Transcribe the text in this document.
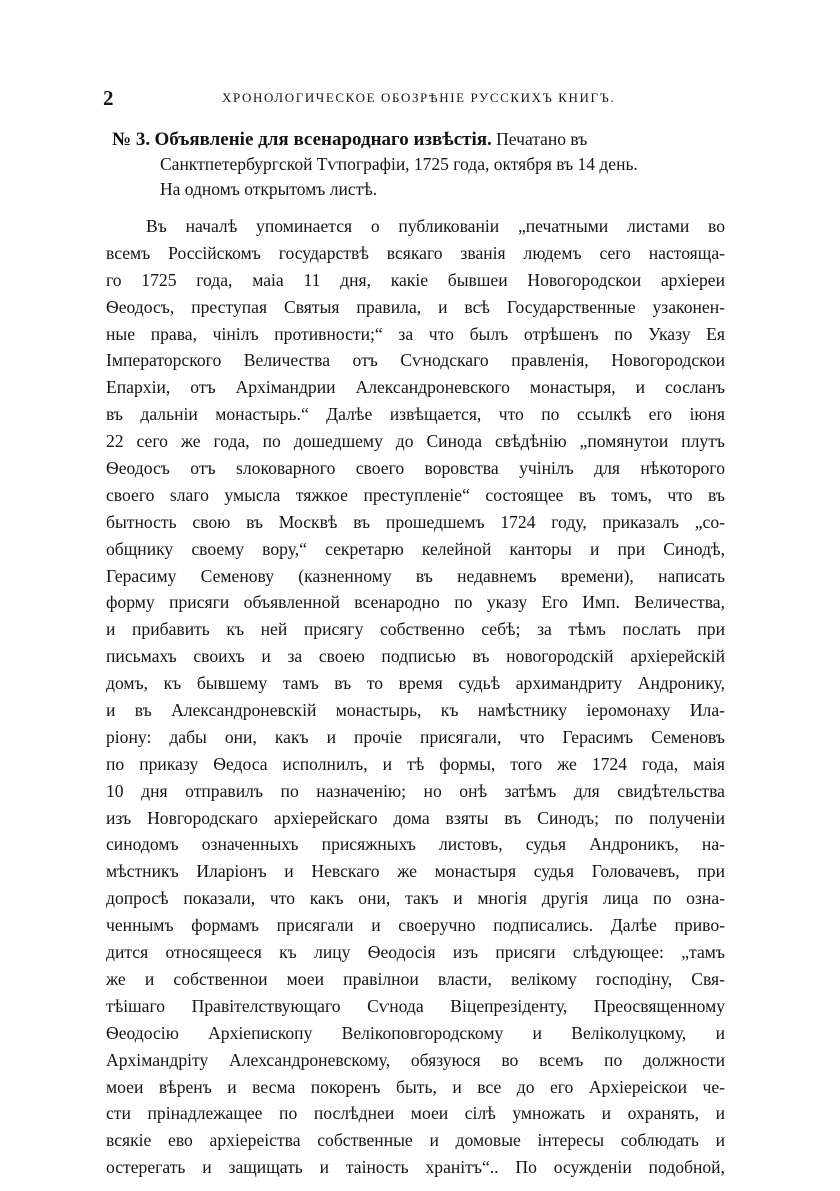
2	ХРОНОЛОГИЧЕСКОЕ ОБОЗРѢНІЕ РУССКИХЪ КНИГЪ.
№ 3. Объявленіе для всенароднаго извѣстія. Печатано въ
Санктпетербургской Тѵпографіи, 1725 года, октября въ 14 день.
На одномъ открытомъ листѣ.
Въ началѣ упоминается о публикованіи „печатными листами во
всемъ Россійскомъ государствѣ всякаго званія людемъ сего настояща-
го 1725 года, маiа 11 дня, какіе бывшеи Новогородскои архіереи
Ѳеодосъ, преступая Святыя правила, и всѣ Государственные узаконен-
ные права, чінілъ противности;“ за что былъ отрѣшенъ по Указу Ея
Імператорского Величества отъ Сѵнодскаго правленія, Новогородскои
Епархіи, отъ Архімандрии Александроневского монастыря, и сосланъ
въ дальнiи монастырь.“ Далѣе извѣщается, что по ссылкѣ его іюня
22 сего же года, по дошедшему до Синода свѣдѣнію „помянутои плутъ
Ѳеодосъ отъ ѕлоковарного своего воровства учінілъ для нѣкоторого
своего ѕлаго умысла тяжкое преступленіе“ состоящее въ томъ, что въ
бытность свою въ Москвѣ въ прошедшемъ 1724 году, приказалъ „со-
общнику своему вору,“ секретарю келейной канторы и при Синодѣ,
Герасиму Семенову (казненному въ недавнемъ времени), написать
форму присяги объявленной всенародно по указу Его Имп. Величества,
и прибавить къ ней присягу собственно себѣ; за тѣмъ послать при
письмахъ своихъ и за своею подписью въ новогородскій архіерейскій
домъ, къ бывшему тамъ въ то время судьѣ архимандриту Андронику,
и въ Александроневскій монастырь, къ намѣстнику іеромонаху Ила-
ріону: дабы они, какъ и прочіе присягали, что Герасимъ Семеновъ
по приказу Ѳедоса исполнилъ, и тѣ формы, того же 1724 года, маія
10 дня отправилъ по назначенію; но онѣ затѣмъ для свидѣтельства
изъ Новгородскаго архіерейскаго дома взяты въ Синодъ; по полученіи
синодомъ означенныхъ присяжныхъ листовъ, судья Андроникъ, на-
мѣстникъ Иларіонъ и Невскаго же монастыря судья Головачевъ, при
допросѣ показали, что какъ они, такъ и многія другія лица по озна-
ченнымъ формамъ присягали и своеручно подписались. Далѣе приво-
дится относящееся къ лицу Ѳеодосія изъ присяги слѣдующее: „тамъ
же и собственнои моеи правілнои власти, велікому господіну, Свя-
тѣішаго Правітелствующаго Сѵнода Віцепрезіденту, Преосвященному
Ѳеодосію Архіепископу Велікоповгородскому и Веліколуцкому, и
Архімандріту Алехсандроневскому, обязуюся во всемъ по должности
моеи вѣренъ и весма покоренъ быть, и все до его Архіереіскои че-
сти прінадлежащее по послѣднеи моеи сілѣ умножать и охранять, и
всякіе ево архіереіства собственные и домовые інтересы соблюдать и
остерегать и защищать и таіность хранітъ“.. По осужденіи подобной,
